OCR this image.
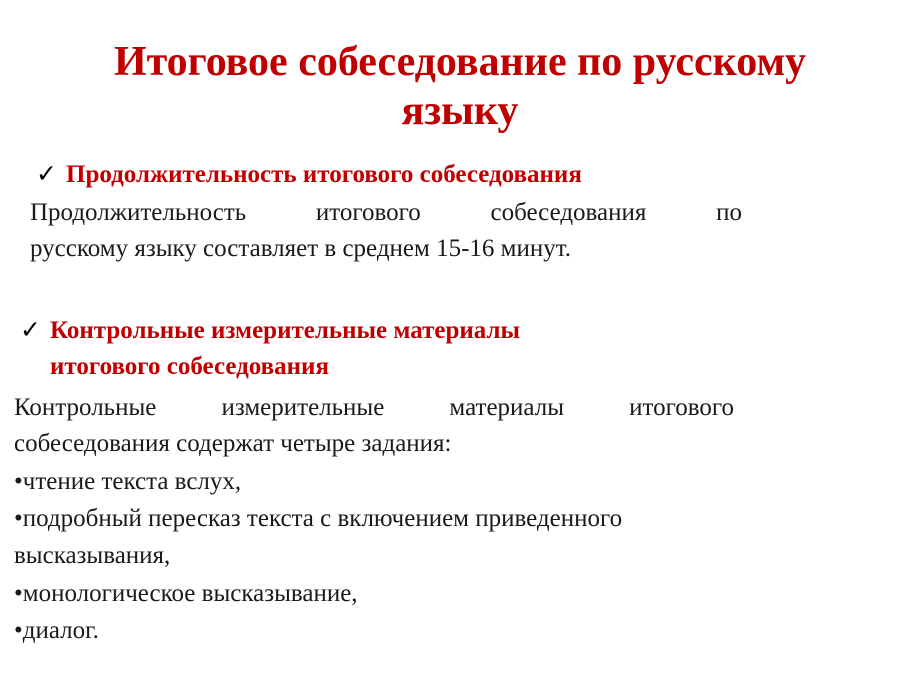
Итоговое собеседование по русскому
языку
✓ Продолжительность итогового собеседования
Продолжительность	итогового	собеседования	по
русскому языку составляет в среднем 15-16 минут.
✓ Контрольные измерительные материалы
итогового собеседования
Контрольные	измерительные	материалы	итогового
собеседования содержат четыре задания:
•чтение текста вслух,
•подробный пересказ текста с включением приведенного
высказывания,
•монологическое высказывание,
•диалог.
